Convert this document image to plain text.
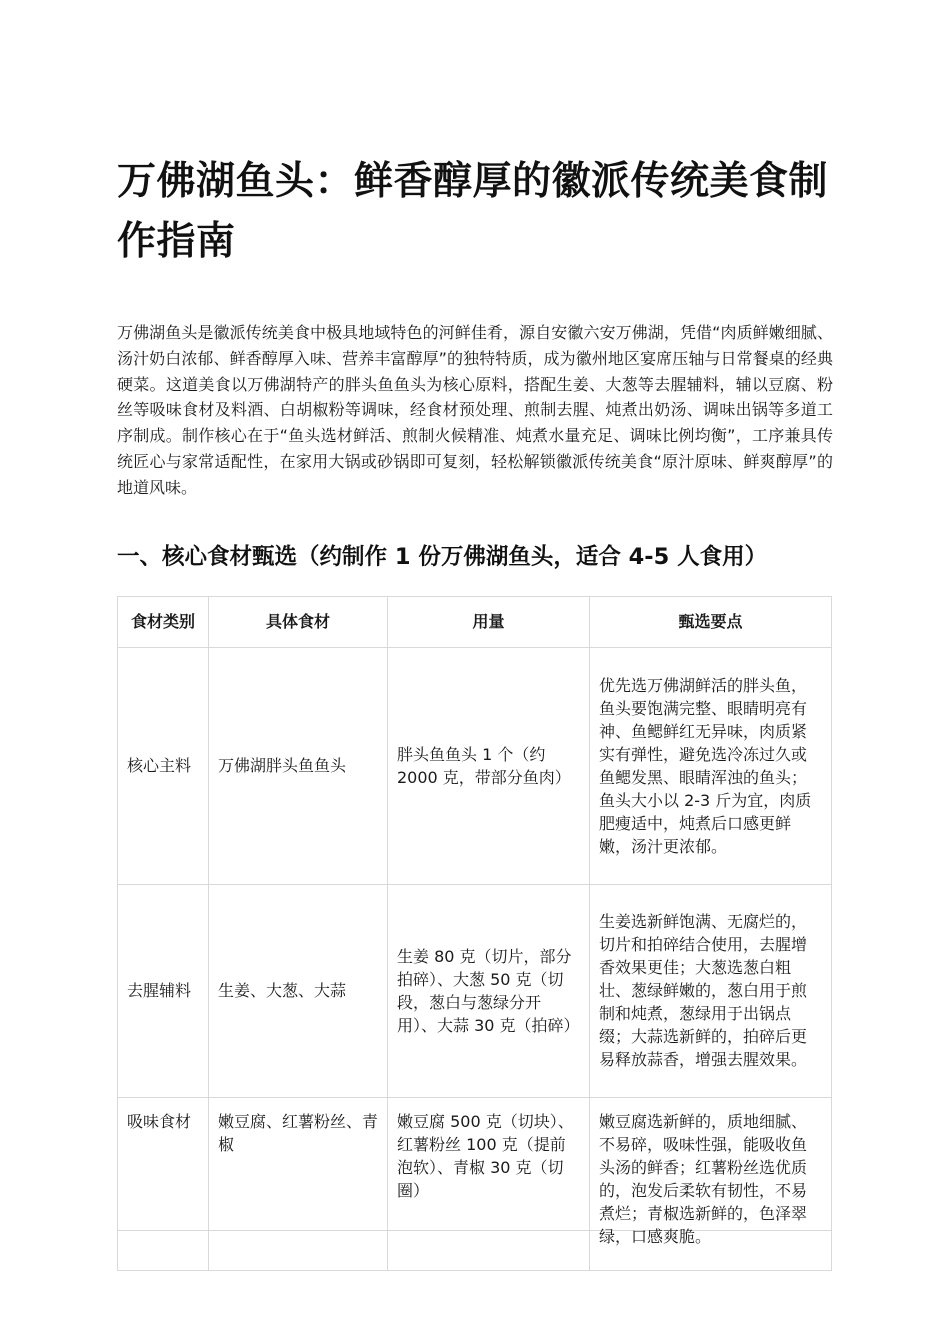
万佛湖鱼头：鲜香醇厚的徽派传统美食制作指南

万佛湖鱼头是徽派传统美食中极具地域特色的河鲜佳肴，源自安徽六安万佛湖，凭借“肉质鲜嫩细腻、汤汁奶白浓郁、鲜香醇厚入味、营养丰富醇厚”的独特特质，成为徽州地区宴席压轴与日常餐桌的经典硬菜。这道美食以万佛湖特产的胖头鱼鱼头为核心原料，搭配生姜、大葱等去腥辅料，辅以豆腐、粉丝等吸味食材及料酒、白胡椒粉等调味，经食材预处理、煎制去腥、炖煮出奶汤、调味出锅等多道工序制成。制作核心在于“鱼头选材鲜活、煎制火候精准、炖煮水量充足、调味比例均衡”，工序兼具传统匠心与家常适配性，在家用大锅或砂锅即可复刻，轻松解锁徽派传统美食“原汁原味、鲜爽醇厚”的地道风味。

一、核心食材甄选（约制作 1 份万佛湖鱼头，适合 4-5 人食用）
食材类别	具体食材	用量	甄选要点
核心主料	万佛湖胖头鱼鱼头	胖头鱼鱼头 1 个（约 2000 克，带部分鱼肉）	优先选万佛湖鲜活的胖头鱼，鱼头要饱满完整、眼睛明亮有神、鱼鳃鲜红无异味，肉质紧实有弹性，避免选冷冻过久或鱼鳃发黑、眼睛浑浊的鱼头；鱼头大小以 2-3 斤为宜，肉质肥瘦适中，炖煮后口感更鲜嫩，汤汁更浓郁。
去腥辅料	生姜、大葱、大蒜	生姜 80 克（切片，部分拍碎）、大葱 50 克（切段，葱白与葱绿分开用）、大蒜 30 克（拍碎）	生姜选新鲜饱满、无腐烂的，切片和拍碎结合使用，去腥增香效果更佳；大葱选葱白粗壮、葱绿鲜嫩的，葱白用于煎制和炖煮，葱绿用于出锅点缀；大蒜选新鲜的，拍碎后更易释放蒜香，增强去腥效果。
吸味食材	嫩豆腐、红薯粉丝、青椒	嫩豆腐 500 克（切块）、红薯粉丝 100 克（提前泡软）、青椒 30 克（切圈）	嫩豆腐选新鲜的，质地细腻、不易碎，吸味性强，能吸收鱼头汤的鲜香；红薯粉丝选优质的，泡发后柔软有韧性，不易煮烂；青椒选新鲜的，色泽翠绿，口感爽脆。
